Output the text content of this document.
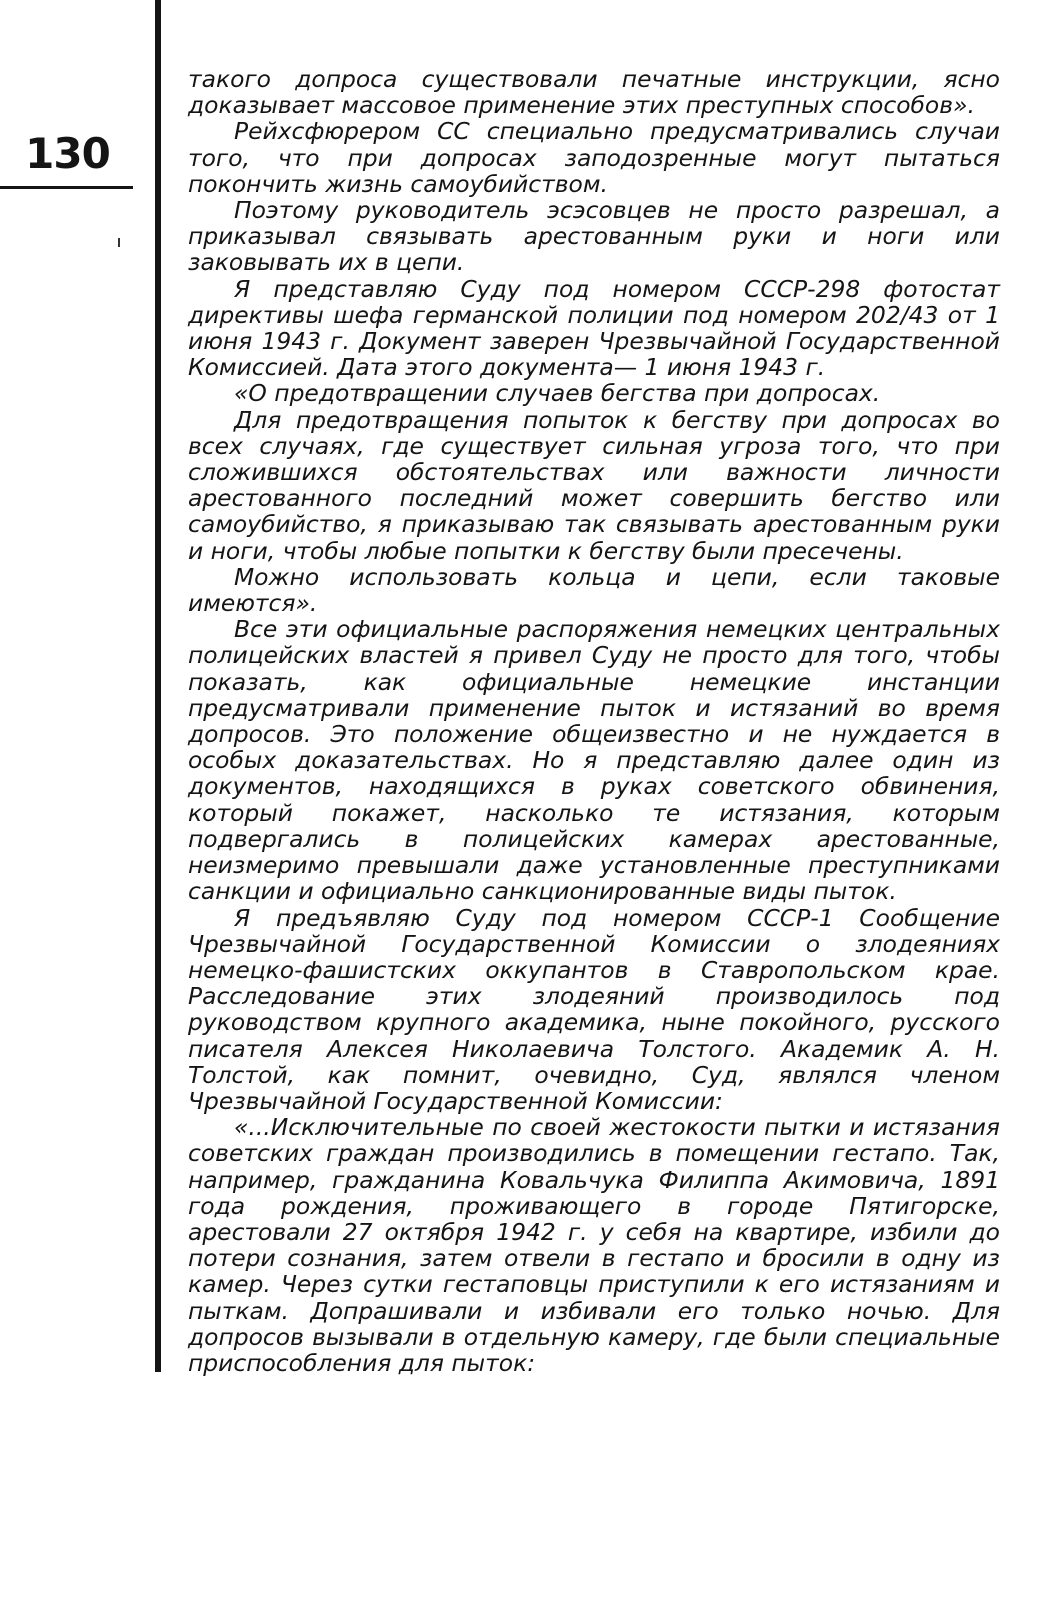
130

такого допроса существовали печатные инструкции, ясно доказывает массовое применение этих преступных способов».

Рейхсфюрером СС специально предусматривались случаи того, что при допросах заподозренные могут пытаться покончить жизнь самоубийством.

Поэтому руководитель эсэсовцев не просто разрешал, а приказывал связывать арестованным руки и ноги или заковывать их в цепи.

Я представляю Суду под номером СССР-298 фотостат директивы шефа германской полиции под номером 202/43 от 1 июня 1943 г. Документ заверен Чрезвычайной Государственной Комиссией. Дата этого документа— 1 июня 1943 г.

«О предотвращении случаев бегства при допросах.

Для предотвращения попыток к бегству при допросах во всех случаях, где существует сильная угроза того, что при сложившихся обстоятельствах или важности личности арестованного последний может совершить бегство или самоубийство, я приказываю так связывать арестованным руки и ноги, чтобы любые попытки к бегству были пресечены.

Можно использовать кольца и цепи, если таковые имеются».

Все эти официальные распоряжения немецких центральных полицейских властей я привел Суду не просто для того, чтобы показать, как официальные немецкие инстанции предусматривали применение пыток и истязаний во время допросов. Это положение общеизвестно и не нуждается в особых доказательствах. Но я представляю далее один из документов, находящихся в руках советского обвинения, который покажет, насколько те истязания, которым подвергались в полицейских камерах арестованные, неизмеримо превышали даже установленные преступниками санкции и официально санкционированные виды пыток.

Я предъявляю Суду под номером СССР-1 Сообщение Чрезвычайной Государственной Комиссии о злодеяниях немецко-фашистских оккупантов в Ставропольском крае. Расследование этих злодеяний производилось под руководством крупного академика, ныне покойного, русского писателя Алексея Николаевича Толстого. Академик А. Н. Толстой, как помнит, очевидно, Суд, являлся членом Чрезвычайной Государственной Комиссии:

«...Исключительные по своей жестокости пытки и истязания советских граждан производились в помещении гестапо. Так, например, гражданина Ковальчука Филиппа Акимовича, 1891 года рождения, проживающего в городе Пятигорске, арестовали 27 октября 1942 г. у себя на квартире, избили до потери сознания, затем отвели в гестапо и бросили в одну из камер. Через сутки гестаповцы приступили к его истязаниям и пыткам. Допрашивали и избивали его только ночью. Для допросов вызывали в отдельную камеру, где были специальные приспособления для пыток:
